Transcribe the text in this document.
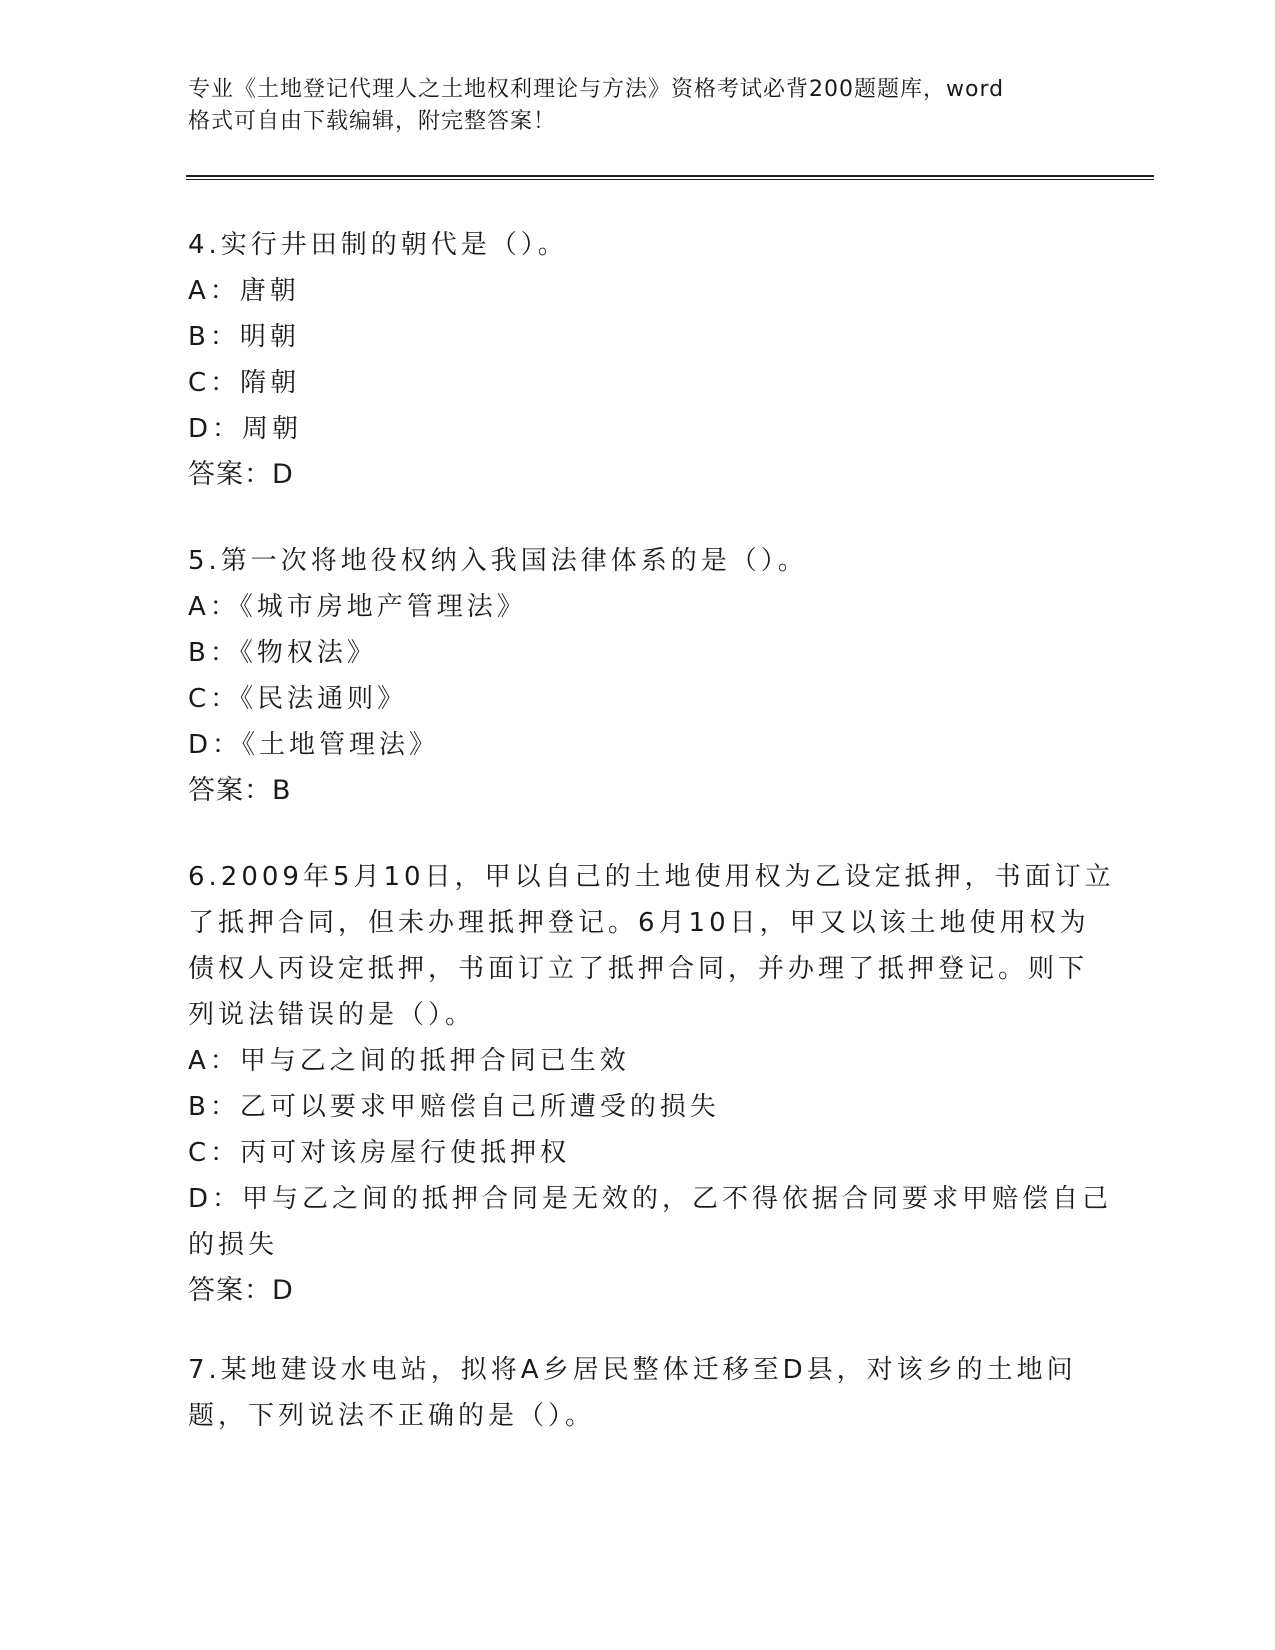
专业《土地登记代理人之土地权利理论与方法》资格考试必背200题题库，word
格式可自由下载编辑，附完整答案！
4.实行井田制的朝代是（）。
A：唐朝
B：明朝
C：隋朝
D：周朝
答案：D
5.第一次将地役权纳入我国法律体系的是（）。
A：《城市房地产管理法》
B：《物权法》
C：《民法通则》
D：《土地管理法》
答案：B
6.2009年5月10日，甲以自己的土地使用权为乙设定抵押，书面订立
了抵押合同，但未办理抵押登记。6月10日，甲又以该土地使用权为
债权人丙设定抵押，书面订立了抵押合同，并办理了抵押登记。则下
列说法错误的是（）。
A：甲与乙之间的抵押合同已生效
B：乙可以要求甲赔偿自己所遭受的损失
C：丙可对该房屋行使抵押权
D：甲与乙之间的抵押合同是无效的，乙不得依据合同要求甲赔偿自己
的损失
答案：D
7.某地建设水电站，拟将A乡居民整体迁移至D县，对该乡的土地问
题，下列说法不正确的是（）。
